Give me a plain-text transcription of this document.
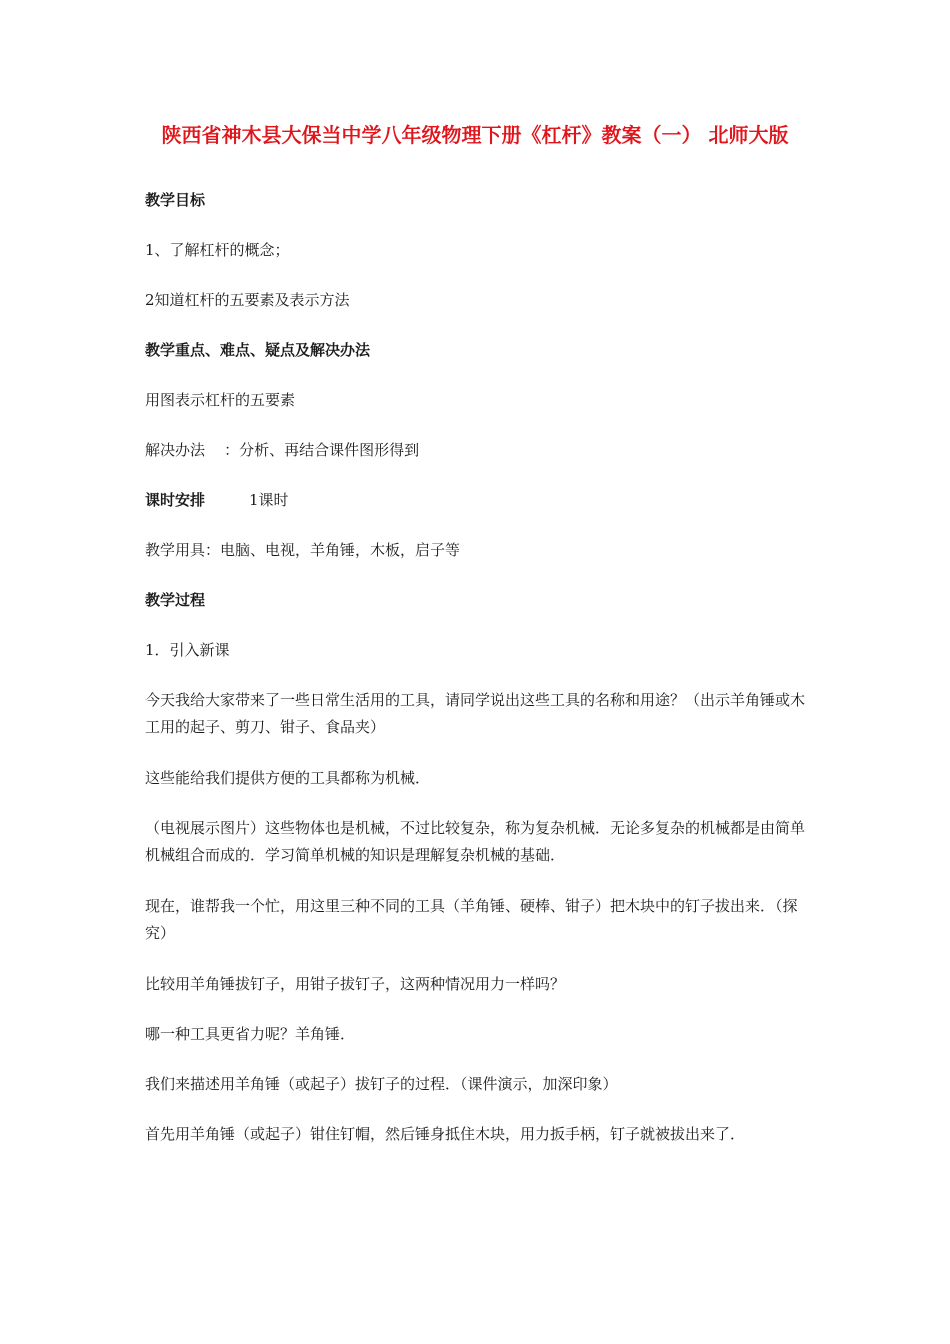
陕西省神木县大保当中学八年级物理下册《杠杆》教案（一） 北师大版
教学目标
1、了解杠杆的概念；
2知道杠杆的五要素及表示方法
教学重点、难点、疑点及解决办法
用图表示杠杆的五要素
解决办法    ：分析、再结合课件图形得到
课时安排	1课时
教学用具：电脑、电视，羊角锤，木板，启子等
教学过程
1．引入新课
今天我给大家带来了一些日常生活用的工具，请同学说出这些工具的名称和用途？（出示羊角锤或木工用的起子、剪刀、钳子、食品夹）
这些能给我们提供方便的工具都称为机械．
（电视展示图片）这些物体也是机械，不过比较复杂，称为复杂机械．无论多复杂的机械都是由简单机械组合而成的．学习简单机械的知识是理解复杂机械的基础．
现在，谁帮我一个忙，用这里三种不同的工具（羊角锤、硬棒、钳子）把木块中的钉子拔出来．（探究）
比较用羊角锤拔钉子，用钳子拔钉子，这两种情况用力一样吗？
哪一种工具更省力呢？羊角锤．
我们来描述用羊角锤（或起子）拔钉子的过程．（课件演示，加深印象）
首先用羊角锤（或起子）钳住钉帽，然后锤身抵住木块，用力扳手柄，钉子就被拔出来了．
